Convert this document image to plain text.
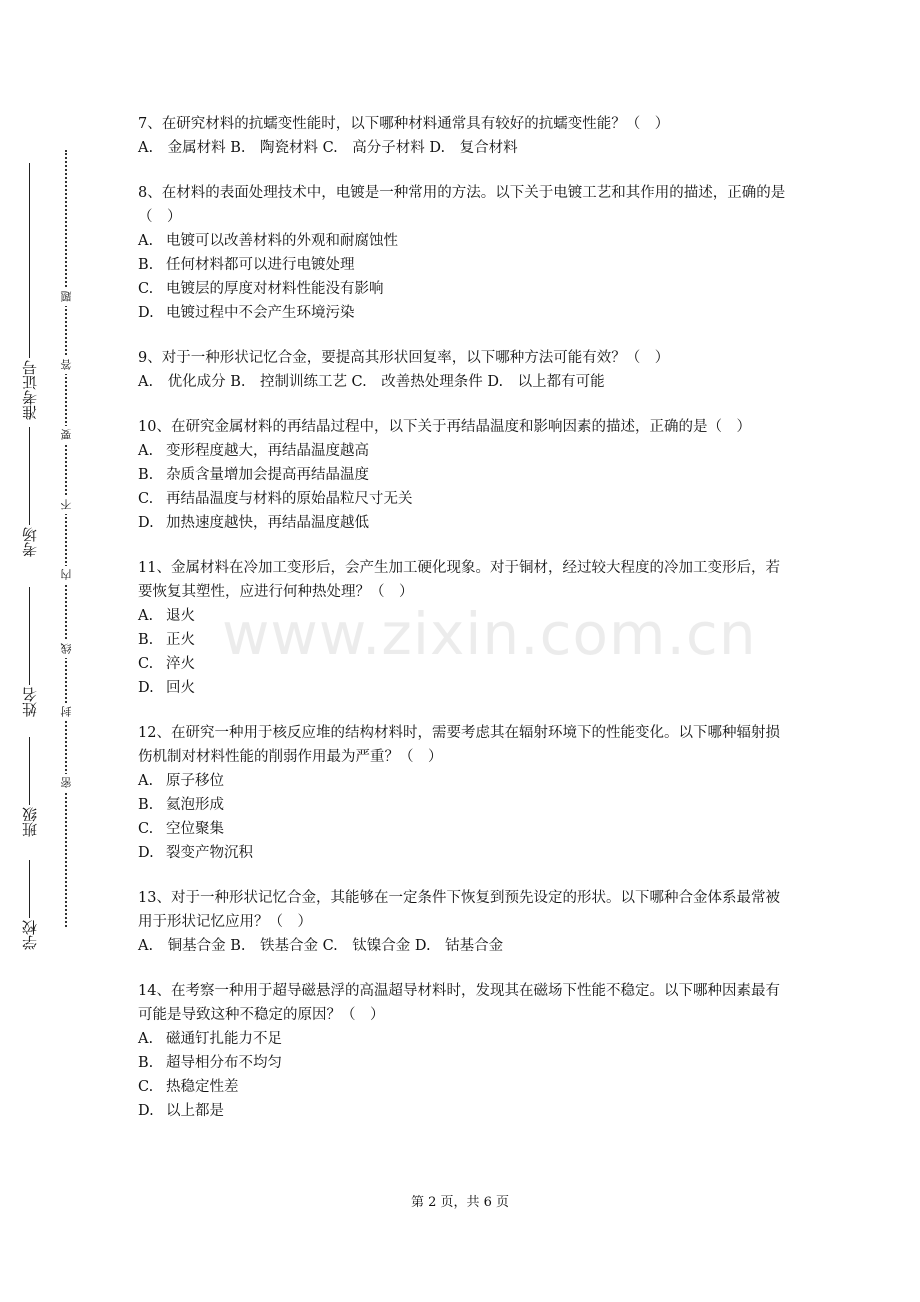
学校
班级
姓名
考场
准考证号
密
封
线
内
不
要
答
题
www.zixin.com.cn

7、在研究材料的抗蠕变性能时，以下哪种材料通常具有较好的抗蠕变性能？（　）

A.　金属材料 B.　陶瓷材料 C.　高分子材料 D.　复合材料

8、在材料的表面处理技术中，电镀是一种常用的方法。以下关于电镀工艺和其作用的描述，正确的是（　）

A. 电镀可以改善材料的外观和耐腐蚀性

B. 任何材料都可以进行电镀处理

C. 电镀层的厚度对材料性能没有影响

D. 电镀过程中不会产生环境污染

9、对于一种形状记忆合金，要提高其形状回复率，以下哪种方法可能有效？（　）

A.　优化成分 B.　控制训练工艺 C.　改善热处理条件 D.　以上都有可能

10、在研究金属材料的再结晶过程中，以下关于再结晶温度和影响因素的描述，正确的是（　）

A. 变形程度越大，再结晶温度越高

B. 杂质含量增加会提高再结晶温度

C. 再结晶温度与材料的原始晶粒尺寸无关

D. 加热速度越快，再结晶温度越低

11、金属材料在冷加工变形后，会产生加工硬化现象。对于铜材，经过较大程度的冷加工变形后，若要恢复其塑性，应进行何种热处理？（　）

A. 退火

B. 正火

C. 淬火

D. 回火

12、在研究一种用于核反应堆的结构材料时，需要考虑其在辐射环境下的性能变化。以下哪种辐射损伤机制对材料性能的削弱作用最为严重？（　）

A. 原子移位

B. 氦泡形成

C. 空位聚集

D. 裂变产物沉积

13、对于一种形状记忆合金，其能够在一定条件下恢复到预先设定的形状。以下哪种合金体系最常被用于形状记忆应用？（　）

A.　铜基合金 B.　铁基合金 C.　钛镍合金 D.　钴基合金

14、在考察一种用于超导磁悬浮的高温超导材料时，发现其在磁场下性能不稳定。以下哪种因素最有可能是导致这种不稳定的原因？（　）

A. 磁通钉扎能力不足

B. 超导相分布不均匀

C. 热稳定性差

D. 以上都是

第 2 页，共 6 页
